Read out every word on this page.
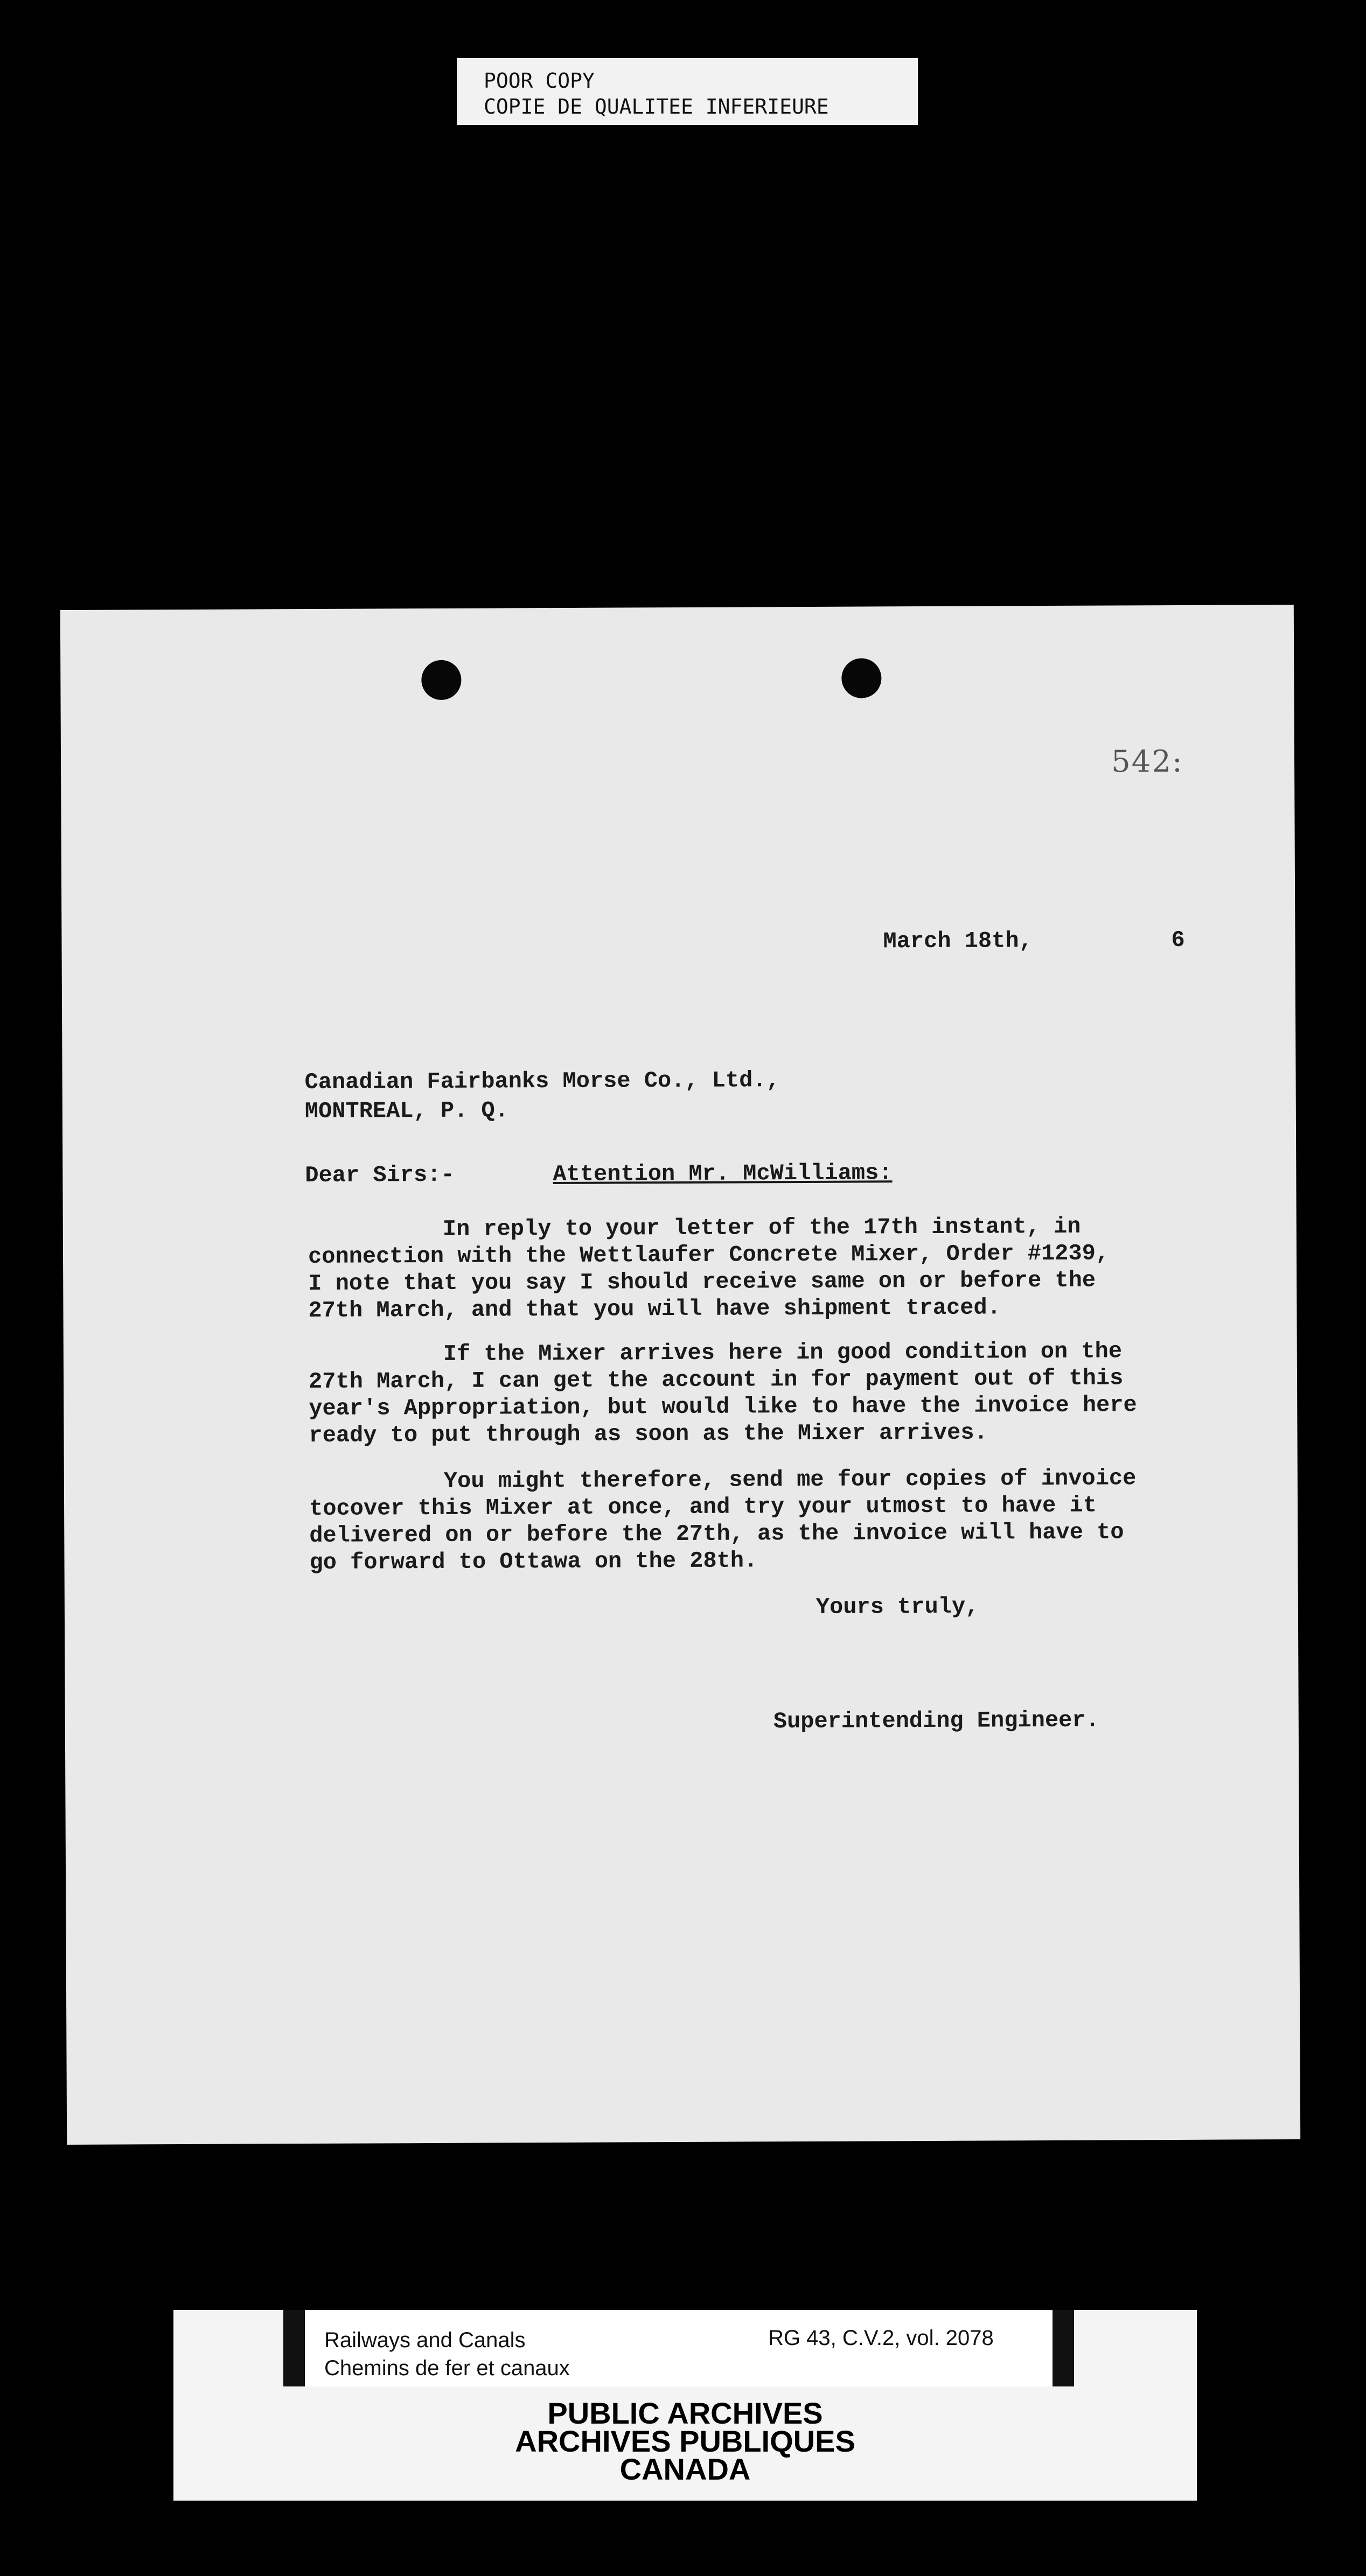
POOR COPY
COPIE DE QUALITEE INFERIEURE
542:
March 18th,	6
Canadian Fairbanks Morse Co., Ltd.,
MONTREAL, P. Q.
Dear Sirs:-	Attention Mr. McWilliams:
In reply to your letter of the 17th instant, in
connection with the Wettlaufer Concrete Mixer, Order #1239,
I note that you say I should receive same on or before the
27th March, and that you will have shipment traced.
If the Mixer arrives here in good condition on the
27th March, I can get the account in for payment out of this
year's Appropriation, but would like to have the invoice here
ready to put through as soon as the Mixer arrives.
You might therefore, send me four copies of invoice
tocover this Mixer at once, and try your utmost to have it
delivered on or before the 27th, as the invoice will have to
go forward to Ottawa on the 28th.
Yours truly,
Superintending Engineer.
Railways and Canals
Chemins de fer et canaux
RG 43, C.V.2, vol. 2078
PUBLIC ARCHIVES
ARCHIVES PUBLIQUES
CANADA
